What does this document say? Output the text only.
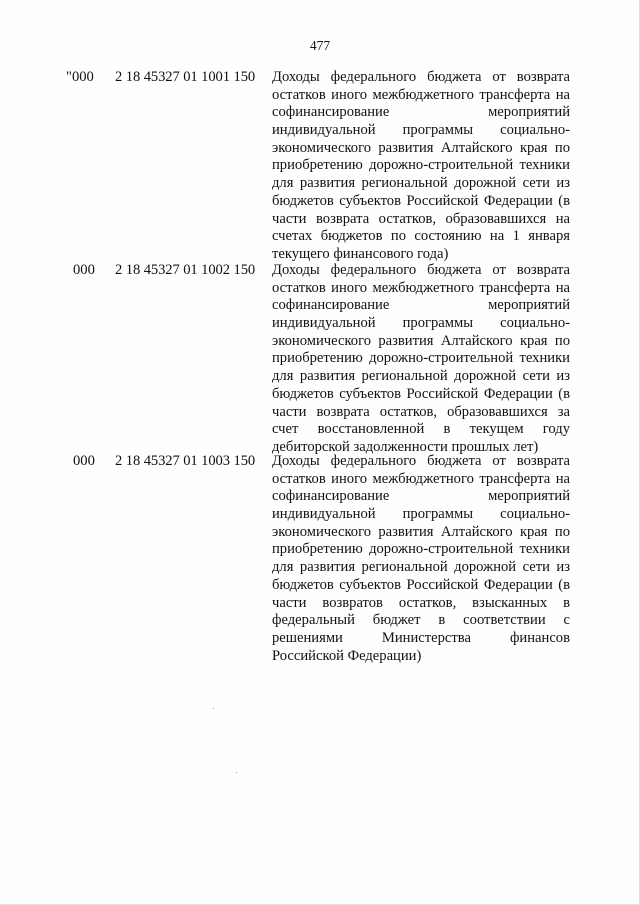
477
"000 2 18 45327 01 1001 150 Доходы федерального бюджета от возврата
остатков иного межбюджетного трансферта на
софинансирование мероприятий
индивидуальной программы социально-
экономического развития Алтайского края по
приобретению дорожно-строительной техники
для развития региональной дорожной сети из
бюджетов субъектов Российской Федерации (в
части возврата остатков, образовавшихся на
счетах бюджетов по состоянию на 1 января
текущего финансового года)
000 2 18 45327 01 1002 150 Доходы федерального бюджета от возврата
остатков иного межбюджетного трансферта на
софинансирование мероприятий
индивидуальной программы социально-
экономического развития Алтайского края по
приобретению дорожно-строительной техники
для развития региональной дорожной сети из
бюджетов субъектов Российской Федерации (в
части возврата остатков, образовавшихся за
счет восстановленной в текущем году
дебиторской задолженности прошлых лет)
000 2 18 45327 01 1003 150 Доходы федерального бюджета от возврата
остатков иного межбюджетного трансферта на
софинансирование мероприятий
индивидуальной программы социально-
экономического развития Алтайского края по
приобретению дорожно-строительной техники
для развития региональной дорожной сети из
бюджетов субъектов Российской Федерации (в
части возвратов остатков, взысканных в
федеральный бюджет в соответствии с
решениями Министерства финансов
Российской Федерации)
